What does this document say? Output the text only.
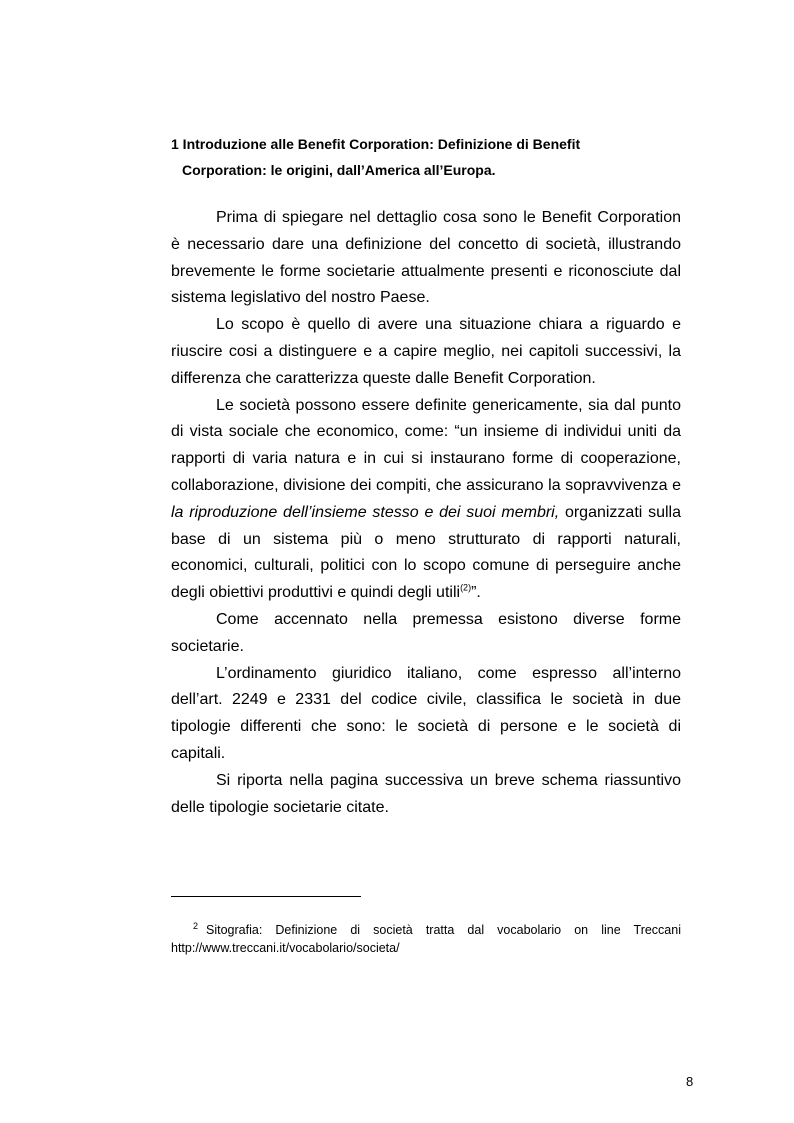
1 Introduzione alle Benefit Corporation: Definizione di Benefit
Corporation: le origini, dall’America all’Europa.

Prima di spiegare nel dettaglio cosa sono le Benefit Corporation è necessario dare una definizione del concetto di società, illustrando brevemente le forme societarie attualmente presenti e riconosciute dal sistema legislativo del nostro Paese.

Lo scopo è quello di avere una situazione chiara a riguardo e riuscire cosi a distinguere e a capire meglio, nei capitoli successivi, la differenza che caratterizza queste dalle Benefit Corporation.

Le società possono essere definite genericamente, sia dal punto di vista sociale che economico, come: “un insieme di individui uniti da rapporti di varia natura e in cui si instaurano forme di cooperazione, collaborazione, divisione dei compiti, che assicurano la sopravvivenza e la riproduzione dell’insieme stesso e dei suoi membri, organizzati sulla base di un sistema più o meno strutturato di rapporti naturali, economici, culturali, politici con lo scopo comune di perseguire anche degli obiettivi produttivi e quindi degli utili$^{(2)}$”.

Come accennato nella premessa esistono diverse forme societarie.

L’ordinamento giuridico italiano, come espresso all’interno dell’art. 2249 e 2331 del codice civile, classifica le società in due tipologie differenti che sono: le società di persone e le società di capitali.

Si riporta nella pagina successiva un breve schema riassuntivo delle tipologie societarie citate.

$^2$ Sitografia: Definizione di società tratta dal vocabolario on line Treccani
http://www.treccani.it/vocabolario/societa/
8
